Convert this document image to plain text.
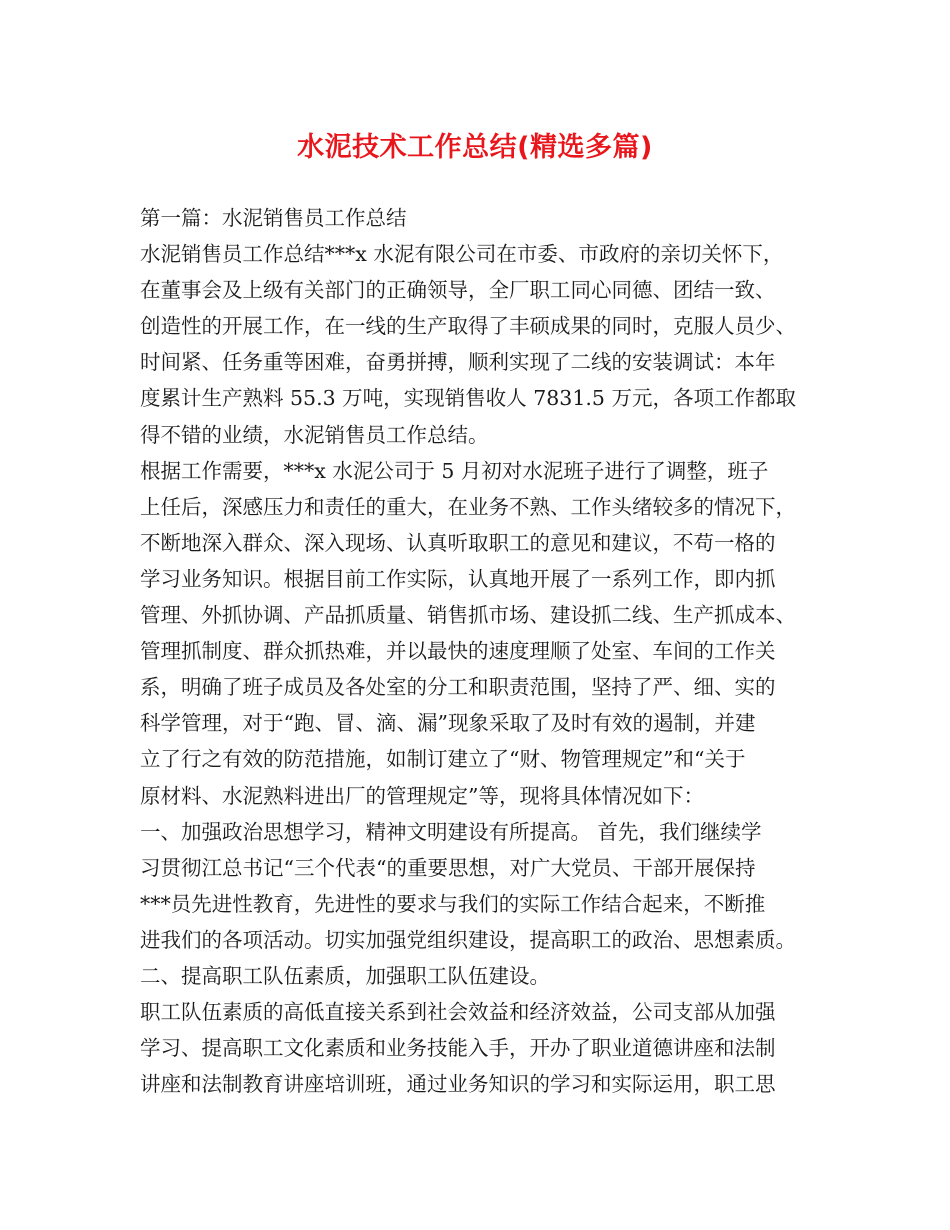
水泥技术工作总结(精选多篇)
第一篇：水泥销售员工作总结
水泥销售员工作总结***x 水泥有限公司在市委、市政府的亲切关怀下，
在董事会及上级有关部门的正确领导，全厂职工同心同德、团结一致、
创造性的开展工作，在一线的生产取得了丰硕成果的同时，克服人员少、
时间紧、任务重等困难，奋勇拼搏，顺利实现了二线的安装调试：本年
度累计生产熟料 55.3 万吨，实现销售收人 7831.5 万元，各项工作都取
得不错的业绩，水泥销售员工作总结。
根据工作需要，***x 水泥公司于 5 月初对水泥班子进行了调整，班子
上任后，深感压力和责任的重大，在业务不熟、工作头绪较多的情况下，
不断地深入群众、深入现场、认真听取职工的意见和建议，不苟一格的
学习业务知识。根据目前工作实际，认真地开展了一系列工作，即内抓
管理、外抓协调、产品抓质量、销售抓市场、建设抓二线、生产抓成本、
管理抓制度、群众抓热难，并以最快的速度理顺了处室、车间的工作关
系，明确了班子成员及各处室的分工和职责范围，坚持了严、细、实的
科学管理，对于“跑、冒、滴、漏”现象采取了及时有效的遏制，并建
立了行之有效的防范措施，如制订建立了“财、物管理规定”和“关于
原材料、水泥熟料进出厂的管理规定”等，现将具体情况如下：
一、加强政治思想学习，精神文明建设有所提高。 首先，我们继续学
习贯彻江总书记“三个代表“的重要思想，对广大党员、干部开展保持
***员先进性教育，先进性的要求与我们的实际工作结合起来，不断推
进我们的各项活动。切实加强党组织建设，提高职工的政治、思想素质。
二、提高职工队伍素质，加强职工队伍建设。
职工队伍素质的高低直接关系到社会效益和经济效益，公司支部从加强
学习、提高职工文化素质和业务技能入手，开办了职业道德讲座和法制
讲座和法制教育讲座培训班，通过业务知识的学习和实际运用，职工思
